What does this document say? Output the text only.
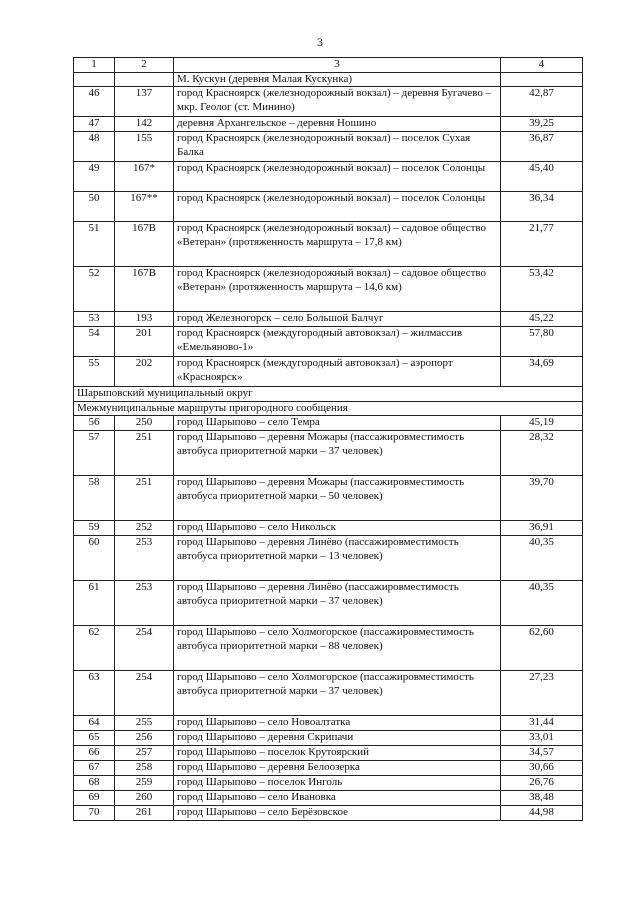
3
1	2	3	4
		М. Кускун (деревня Малая Кускунка)	
46	137	город Красноярск (железнодорожный вокзал) – деревня Бугачево – мкр. Геолог (ст. Минино)	42,87
47	142	деревня Архангельское – деревня Ношино	39,25
48	155	город Красноярск (железнодорожный вокзал) – поселок Сухая Балка	36,87
49	167*	город Красноярск (железнодорожный вокзал) – поселок Солонцы	45,40
50	167**	город Красноярск (железнодорожный вокзал) – поселок Солонцы	36,34
51	167В	город Красноярск (железнодорожный вокзал) – садовое общество «Ветеран» (протяженность маршрута – 17,8 км)	21,77
52	167В	город Красноярск (железнодорожный вокзал) – садовое общество «Ветеран» (протяженность маршрута – 14,6 км)	53,42
53	193	город Железногорск – село Большой Балчуг	45,22
54	201	город Красноярск (междугородный автовокзал) – жилмассив «Емельяново-1»	57,80
55	202	город Красноярск (междугородный автовокзал) – аэропорт «Красноярск»	34,69
Шарыповский муниципальный округ			
Межмуниципальные маршруты пригородного сообщения			
56	250	город Шарыпово – село Темра	45,19
57	251	город Шарыпово – деревня Можары (пассажировместимость автобуса приоритетной марки – 37 человек)	28,32
58	251	город Шарыпово – деревня Можары (пассажировместимость автобуса приоритетной марки – 50 человек)	39,70
59	252	город Шарыпово – село Никольск	36,91
60	253	город Шарыпово – деревня Линёво (пассажировместимость автобуса приоритетной марки – 13 человек)	40,35
61	253	город Шарыпово – деревня Линёво (пассажировместимость автобуса приоритетной марки – 37 человек)	40,35
62	254	город Шарыпово – село Холмогорское (пассажировместимость автобуса приоритетной марки – 88 человек)	62,60
63	254	город Шарыпово – село Холмогорское (пассажировместимость автобуса приоритетной марки – 37 человек)	27,23
64	255	город Шарыпово – село Новоалтатка	31,44
65	256	город Шарыпово – деревня Скрипачи	33,01
66	257	город Шарыпово – поселок Крутоярский	34,57
67	258	город Шарыпово – деревня Белоозерка	30,66
68	259	город Шарыпово – поселок Инголь	26,76
69	260	город Шарыпово – село Ивановка	38,48
70	261	город Шарыпово – село Берёзовское	44,98
